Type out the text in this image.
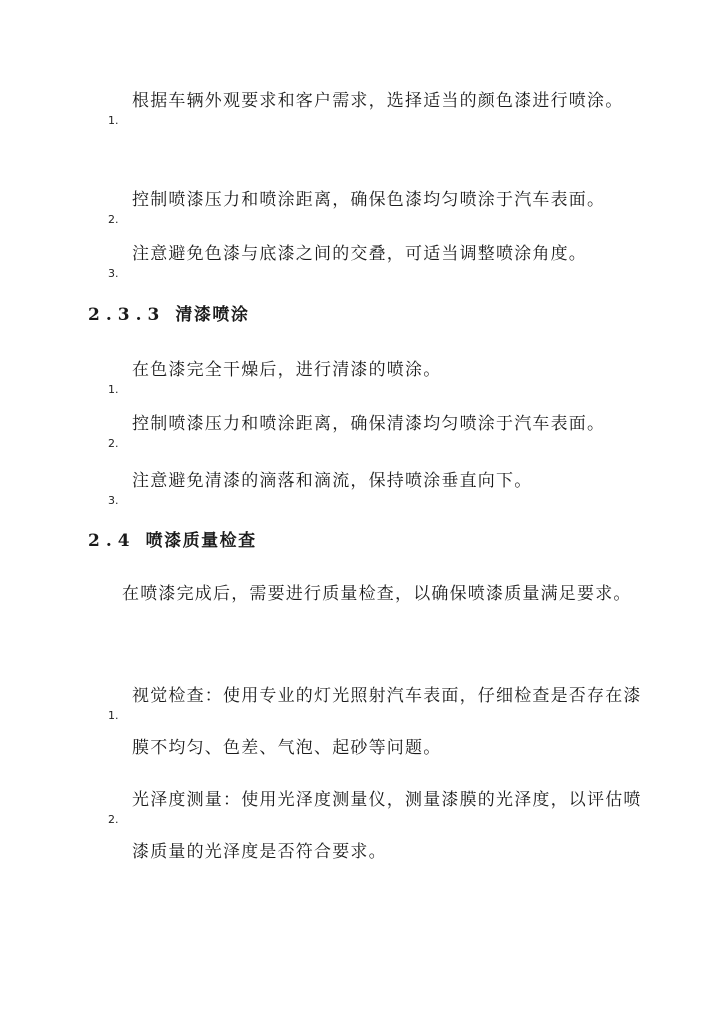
1.
根据车辆外观要求和客户需求，选择适当的颜色漆进行喷涂。
2.
控制喷漆压力和喷涂距离，确保色漆均匀喷涂于汽车表面。
3.
注意避免色漆与底漆之间的交叠，可适当调整喷涂角度。
2.3.3 清漆喷涂
1.
在色漆完全干燥后，进行清漆的喷涂。
2.
控制喷漆压力和喷涂距离，确保清漆均匀喷涂于汽车表面。
3.
注意避免清漆的滴落和滴流，保持喷涂垂直向下。
2.4 喷漆质量检查
在喷漆完成后，需要进行质量检查，以确保喷漆质量满足要求。
1.
视觉检查：使用专业的灯光照射汽车表面，仔细检查是否存在漆膜不均匀、色差、气泡、起砂等问题。
2.
光泽度测量：使用光泽度测量仪，测量漆膜的光泽度，以评估喷漆质量的光泽度是否符合要求。
